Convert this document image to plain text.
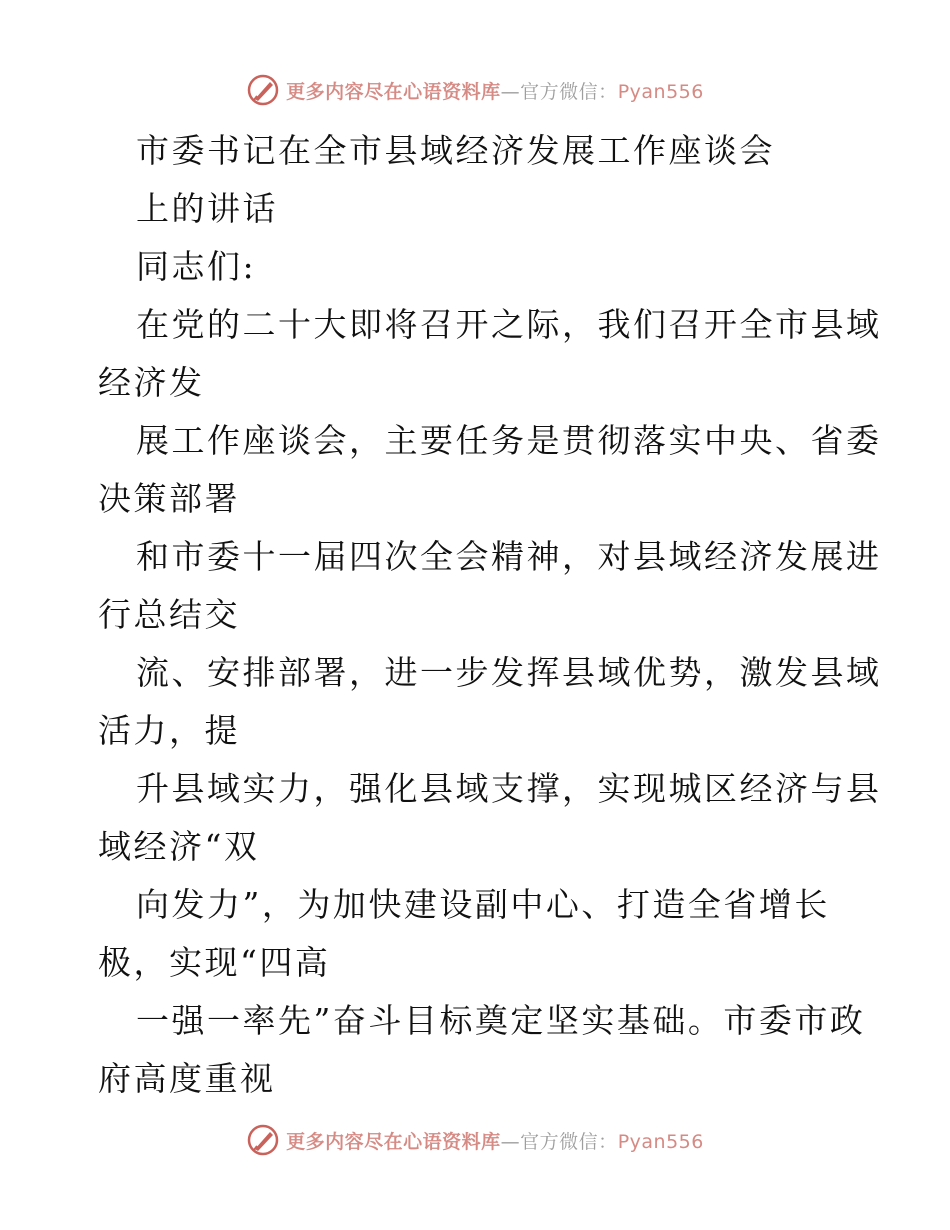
更多内容尽在心语资料库—官方微信：Pyan556
市委书记在全市县域经济发展工作座谈会
上的讲话
同志们:
在党的二十大即将召开之际，我们召开全市县域
经济发
展工作座谈会，主要任务是贯彻落实中央、省委
决策部署
和市委十一届四次全会精神，对县域经济发展进
行总结交
流、安排部署，进一步发挥县域优势，激发县域
活力，提
升县域实力，强化县域支撑，实现城区经济与县
域经济“双
向发力”，为加快建设副中心、打造全省增长
极，实现“四高
一强一率先”奋斗目标奠定坚实基础。市委市政
府高度重视
更多内容尽在心语资料库—官方微信：Pyan556
